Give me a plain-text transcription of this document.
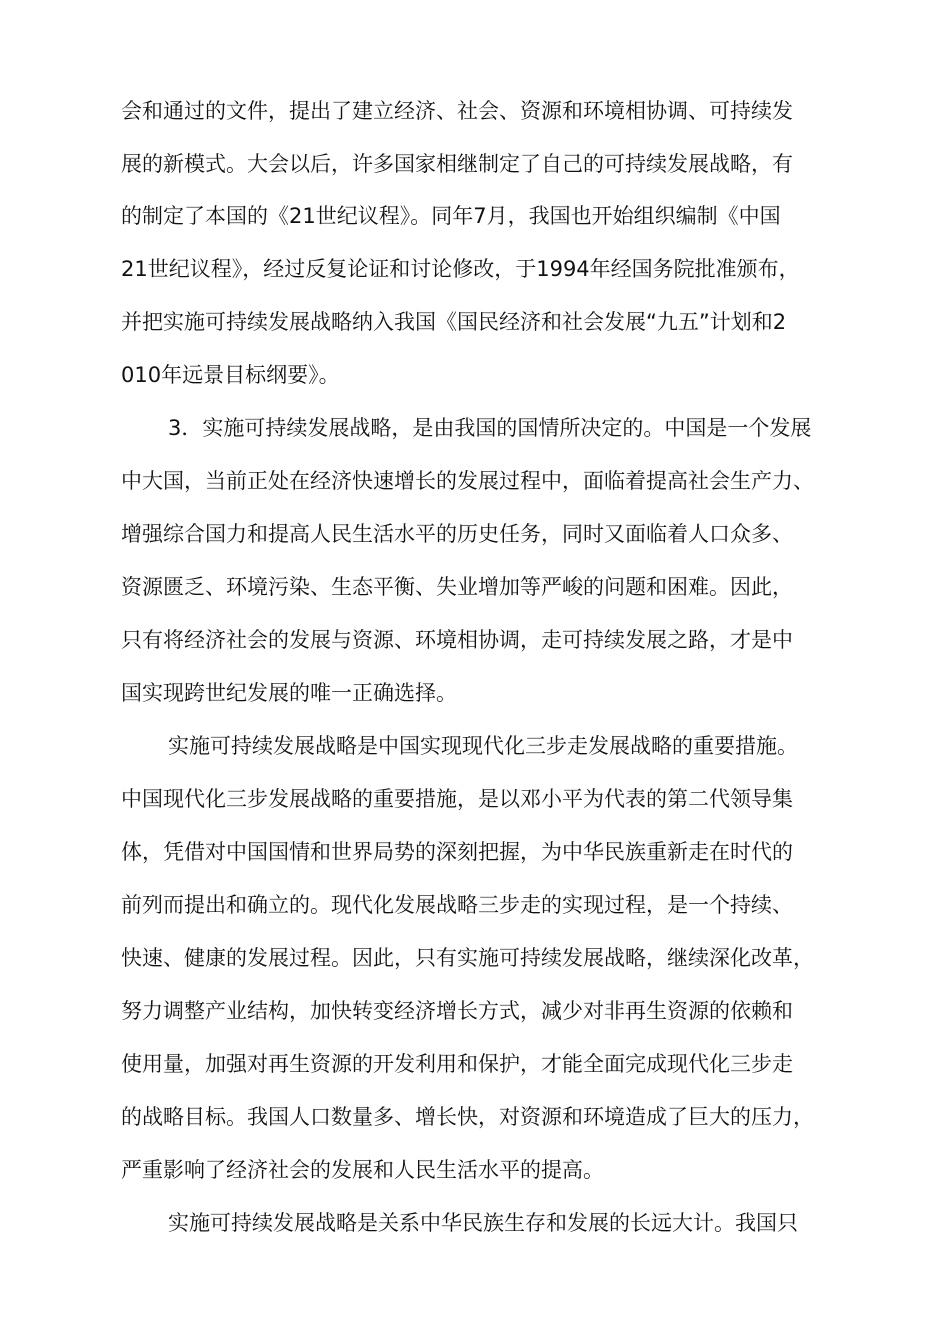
会和通过的文件，提出了建立经济、社会、资源和环境相协调、可持续发
展的新模式。大会以后，许多国家相继制定了自己的可持续发展战略，有
的制定了本国的《21世纪议程》。同年7月，我国也开始组织编制《中国
21世纪议程》，经过反复论证和讨论修改，于1994年经国务院批准颁布，
并把实施可持续发展战略纳入我国《国民经济和社会发展“九五”计划和2
010年远景目标纲要》。
3．实施可持续发展战略，是由我国的国情所决定的。中国是一个发展
中大国，当前正处在经济快速增长的发展过程中，面临着提高社会生产力、
增强综合国力和提高人民生活水平的历史任务，同时又面临着人口众多、
资源匮乏、环境污染、生态平衡、失业增加等严峻的问题和困难。因此，
只有将经济社会的发展与资源、环境相协调，走可持续发展之路，才是中
国实现跨世纪发展的唯一正确选择。
实施可持续发展战略是中国实现现代化三步走发展战略的重要措施。
中国现代化三步发展战略的重要措施，是以邓小平为代表的第二代领导集
体，凭借对中国国情和世界局势的深刻把握，为中华民族重新走在时代的
前列而提出和确立的。现代化发展战略三步走的实现过程，是一个持续、
快速、健康的发展过程。因此，只有实施可持续发展战略，继续深化改革，
努力调整产业结构，加快转变经济增长方式，减少对非再生资源的依赖和
使用量，加强对再生资源的开发利用和保护，才能全面完成现代化三步走
的战略目标。我国人口数量多、增长快，对资源和环境造成了巨大的压力，
严重影响了经济社会的发展和人民生活水平的提高。
实施可持续发展战略是关系中华民族生存和发展的长远大计。我国只
